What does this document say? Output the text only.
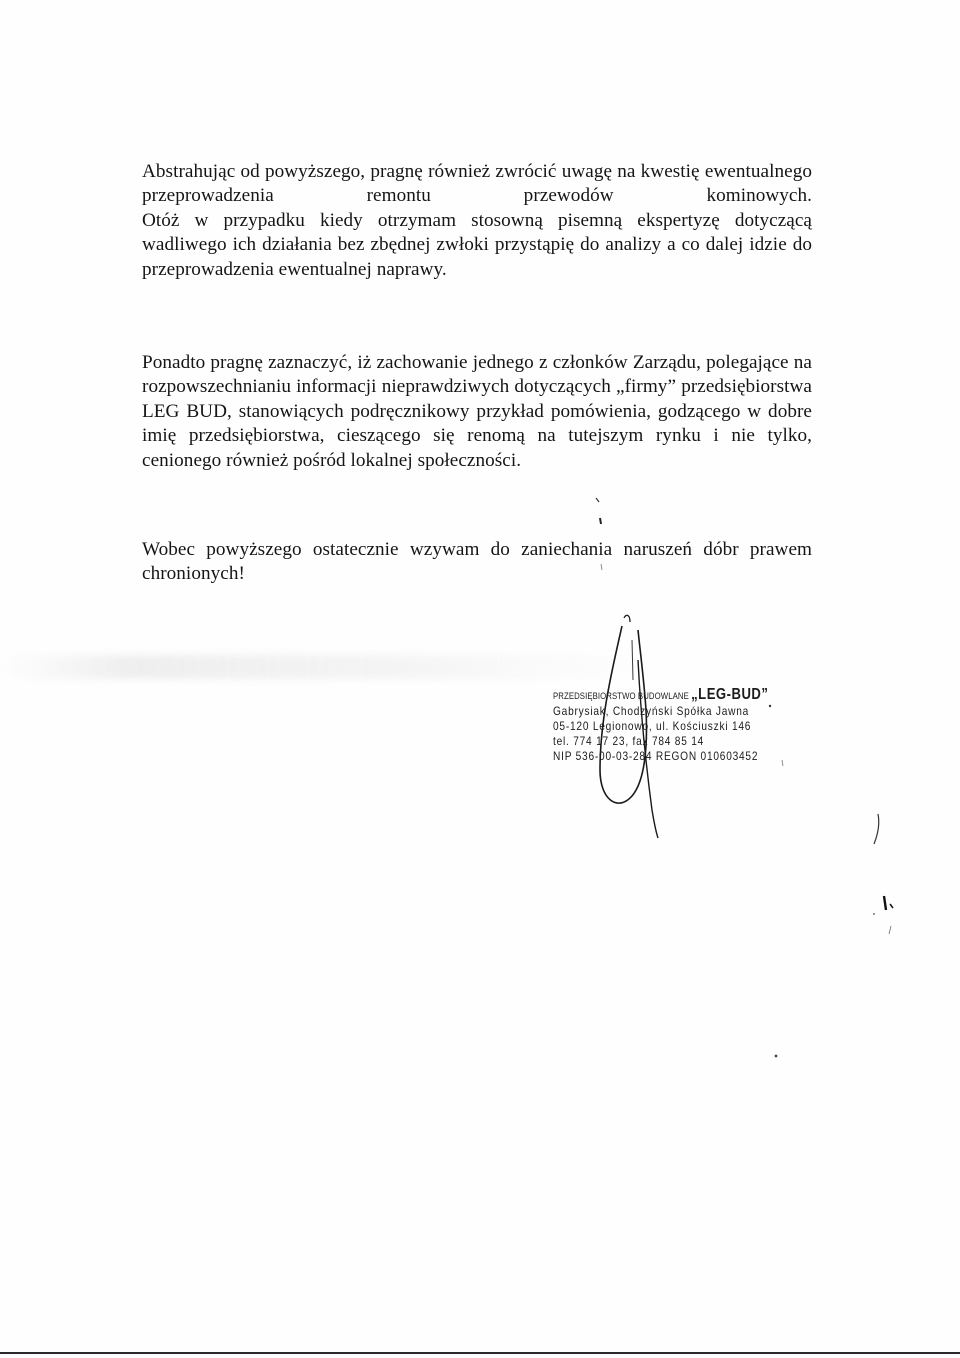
Abstrahując od powyższego, pragnę również zwrócić uwagę na kwestię ewentualnego
przeprowadzenia remontu przewodów kominowych.
Otóż w przypadku kiedy otrzymam stosowną pisemną ekspertyzę dotyczącą
wadliwego ich działania bez zbędnej zwłoki przystąpię do analizy a co dalej idzie do
przeprowadzenia ewentualnej naprawy.
Ponadto pragnę zaznaczyć, iż zachowanie jednego z członków Zarządu, polegające na
rozpowszechnianiu informacji nieprawdziwych dotyczących „firmy” przedsiębiorstwa
LEG BUD, stanowiących podręcznikowy przykład pomówienia, godzącego w dobre
imię przedsiębiorstwa, cieszącego się renomą na tutejszym rynku i nie tylko,
cenionego również pośród lokalnej społeczności.
Wobec powyższego ostatecznie wzywam do zaniechania naruszeń dóbr prawem
chronionych!
PRZEDSIĘBIORSTWO BUDOWLANE „LEG-BUD”
Gabrysiak, Chodzyński Spółka Jawna
05-120 Legionowo, ul. Kościuszki 146
tel. 774 17 23, fax 784 85 14
NIP 536-00-03-284 REGON 010603452
